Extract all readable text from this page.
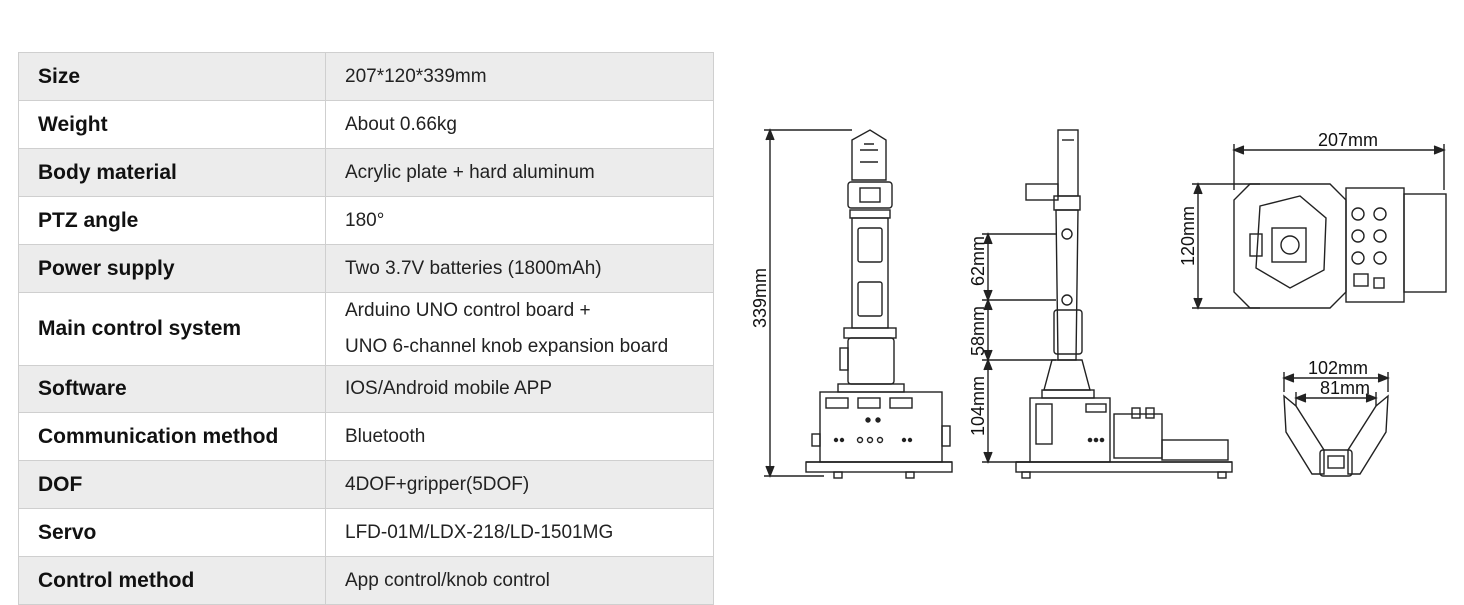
Size	207*120*339mm

Weight	About 0.66kg

Body material	Acrylic plate + hard aluminum

PTZ angle	180°

Power supply	Two 3.7V batteries (1800mAh)

Main control system	Arduino UNO control board +
UNO 6-channel knob expansion board

Software	IOS/Android mobile APP

Communication method	Bluetooth

DOF	4DOF+gripper(5DOF)

Servo	LFD-01M/LDX-218/LD-1501MG

Control method	App control/knob control
339mm
62mm
58mm
104mm
207mm
120mm
102mm
81mm
